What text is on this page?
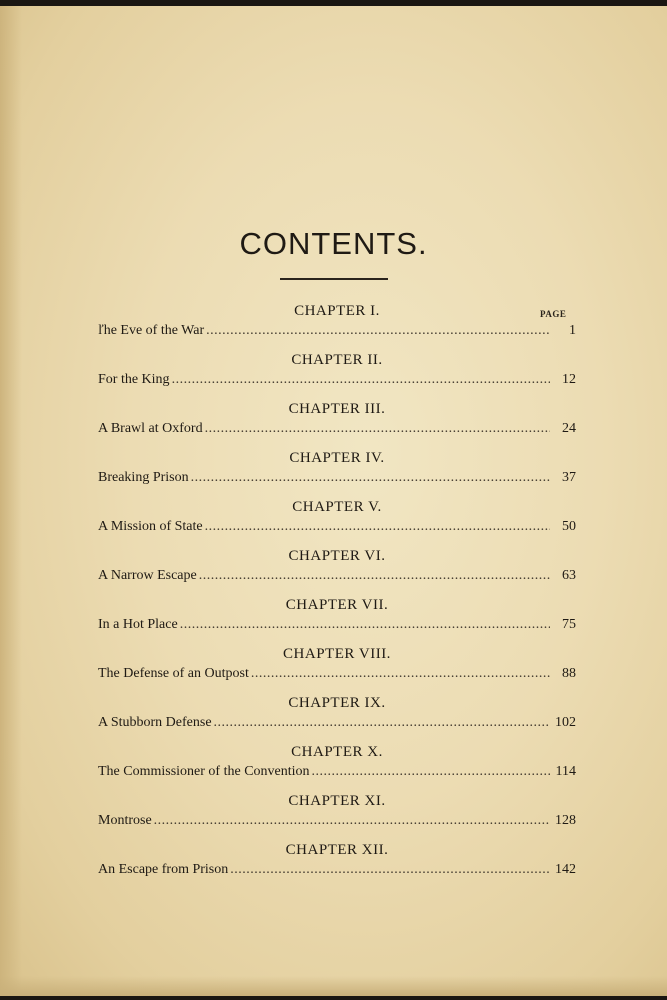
CONTENTS.
PAGE
CHAPTER I.
ľhe Eve of the War . . .	1
CHAPTER II.
For the King . . .	12
CHAPTER III.
A Brawl at Oxford . . .	24
CHAPTER IV.
Breaking Prison . . .	37
CHAPTER V.
A Mission of State . . .	50
CHAPTER VI.
A Narrow Escape . . .	63
CHAPTER VII.
In a Hot Place . . .	75
CHAPTER VIII.
The Defense of an Outpost . . .	88
CHAPTER IX.
A Stubborn Defense . . .	102
CHAPTER X.
The Commissioner of the Convention . . .	114
CHAPTER XI.
Montrose . . .	128
CHAPTER XII.
An Escape from Prison . . .	142
